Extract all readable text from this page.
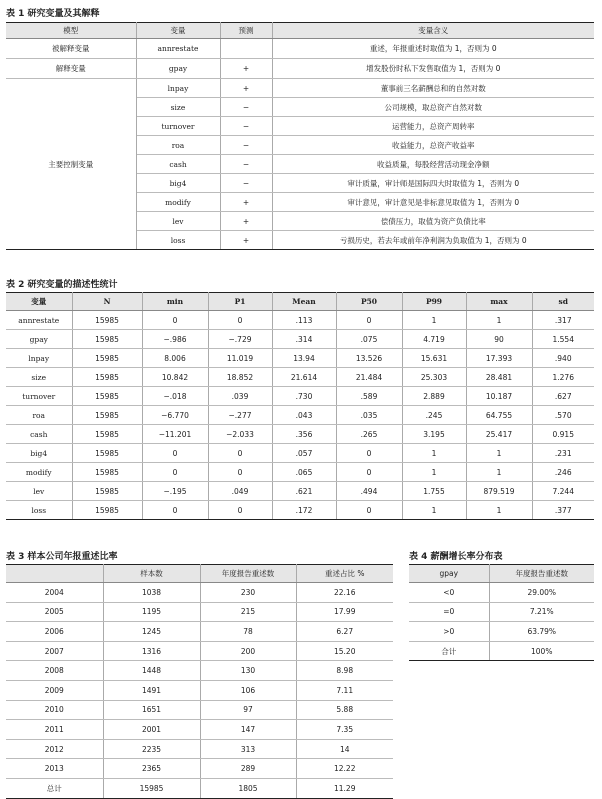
表 1 研究变量及其解释
模型	变量	预测	变量含义
被解释变量	annrestate		重述，年报重述时取值为 1，否则为 0
解释变量	gpay	+	增发股份时私下发售取值为 1，否则为 0
主要控制变量	lnpay	+	董事前三名薪酬总和的自然对数
	size	−	公司规模，取总资产自然对数
	turnover	−	运营能力，总资产周转率
	roa	−	收益能力，总资产收益率
	cash	−	收益质量，每股经营活动现金净额
	big4	−	审计质量，审计师是国际四大时取值为 1，否则为 0
	modify	+	审计意见，审计意见是非标意见取值为 1，否则为 0
	lev	+	偿债压力，取值为资产负债比率
	loss	+	亏损历史，若去年或前年净利润为负取值为 1，否则为 0
表 2 研究变量的描述性统计
变量	N	min	P1	Mean	P50	P99	max	sd
annrestate	15985	0	0	.113	0	1	1	.317
gpay	15985	−.986	−.729	.314	.075	4.719	90	1.554
lnpay	15985	8.006	11.019	13.94	13.526	15.631	17.393	.940
size	15985	10.842	18.852	21.614	21.484	25.303	28.481	1.276
turnover	15985	−.018	.039	.730	.589	2.889	10.187	.627
roa	15985	−6.770	−.277	.043	.035	.245	64.755	.570
cash	15985	−11.201	−2.033	.356	.265	3.195	25.417	0.915
big4	15985	0	0	.057	0	1	1	.231
modify	15985	0	0	.065	0	1	1	.246
lev	15985	−.195	.049	.621	.494	1.755	879.519	7.244
loss	15985	0	0	.172	0	1	1	.377
表 3 样本公司年报重述比率
	样本数	年度报告重述数	重述占比 %
2004	1038	230	22.16
2005	1195	215	17.99
2006	1245	78	6.27
2007	1316	200	15.20
2008	1448	130	8.98
2009	1491	106	7.11
2010	1651	97	5.88
2011	2001	147	7.35
2012	2235	313	14
2013	2365	289	12.22
总计	15985	1805	11.29
表 4 薪酬增长率分布表
gpay	年度报告重述数
<0	29.00%
=0	7.21%
>0	63.79%
合计	100%
